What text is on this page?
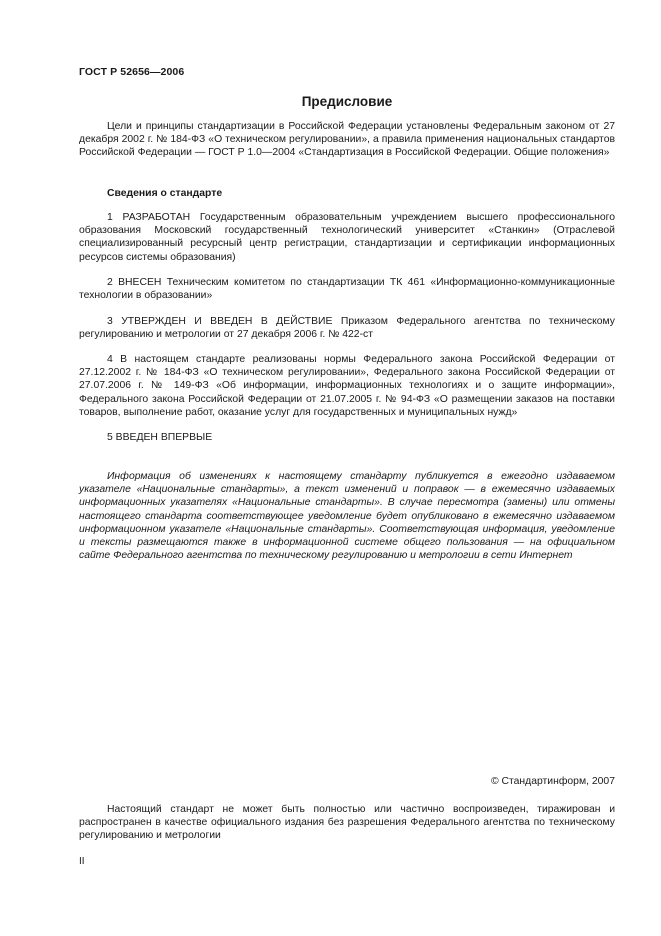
ГОСТ Р 52656—2006
Предисловие

Цели и принципы стандартизации в Российской Федерации установлены Федеральным законом от 27 декабря 2002 г. № 184-ФЗ «О техническом регулировании», а правила применения национальных стандартов Российской Федерации — ГОСТ Р 1.0—2004 «Стандартизация в Российской Федерации. Общие положения»

Сведения о стандарте

1 РАЗРАБОТАН Государственным образовательным учреждением высшего профессионального образования Московский государственный технологический университет «Станкин» (Отраслевой специализированный ресурсный центр регистрации, стандартизации и сертификации информационных ресурсов системы образования)

2 ВНЕСЕН Техническим комитетом по стандартизации ТК 461 «Информационно-коммуникационные технологии в образовании»

3 УТВЕРЖДЕН И ВВЕДЕН В ДЕЙСТВИЕ Приказом Федерального агентства по техническому регулированию и метрологии от 27 декабря 2006 г. № 422-ст

4 В настоящем стандарте реализованы нормы Федерального закона Российской Федерации от 27.12.2002 г. № 184-ФЗ «О техническом регулировании», Федерального закона Российской Федерации от 27.07.2006 г. № 149-ФЗ «Об информации, информационных технологиях и о защите информации», Федерального закона Российской Федерации от 21.07.2005 г. № 94-ФЗ «О размещении заказов на поставки товаров, выполнение работ, оказание услуг для государственных и муниципальных нужд»

5 ВВЕДЕН ВПЕРВЫЕ

Информация об изменениях к настоящему стандарту публикуется в ежегодно издаваемом указателе «Национальные стандарты», а текст изменений и поправок — в ежемесячно издаваемых информационных указателях «Национальные стандарты». В случае пересмотра (замены) или отмены настоящего стандарта соответствующее уведомление будет опубликовано в ежемесячно издаваемом информационном указателе «Национальные стандарты». Соответствующая информация, уведомление и тексты размещаются также в информационной системе общего пользования — на официальном сайте Федерального агентства по техническому регулированию и метрологии в сети Интернет

© Стандартинформ, 2007

Настоящий стандарт не может быть полностью или частично воспроизведен, тиражирован и распространен в качестве официального издания без разрешения Федерального агентства по техническому регулированию и метрологии

II
